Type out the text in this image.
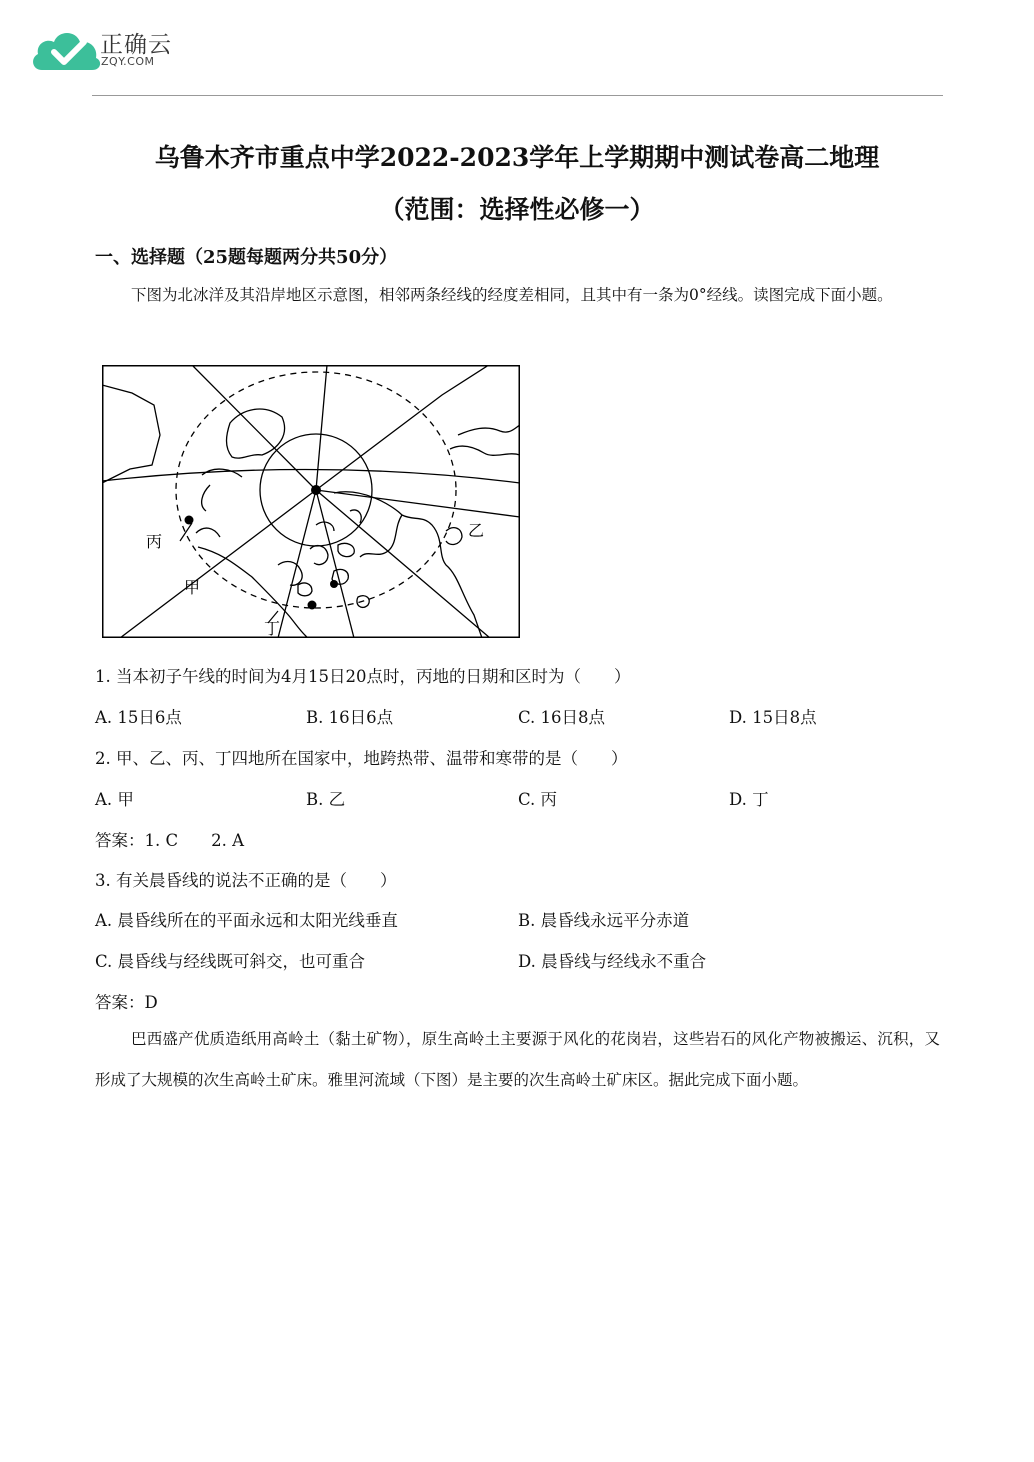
正确云
ZQY.COM
乌鲁木齐市重点中学2022-2023学年上学期期中测试卷高二地理
（范围：选择性必修一）
一、选择题（25题每题两分共50分）
下图为北冰洋及其沿岸地区示意图，相邻两条经线的经度差相同，且其中有一条为0°经线。读图完成下面小题。
丙
甲
乙
丁
1. 当本初子午线的时间为4月15日20点时，丙地的日期和区时为（　　）
A. 15日6点	B. 16日6点	C. 16日8点	D. 15日8点
2. 甲、乙、丙、丁四地所在国家中，地跨热带、温带和寒带的是（　　）
A. 甲	B. 乙	C. 丙	D. 丁
答案：1. C　　2. A
3. 有关晨昏线的说法不正确的是（　　）
A. 晨昏线所在的平面永远和太阳光线垂直	B. 晨昏线永远平分赤道
C. 晨昏线与经线既可斜交，也可重合	D. 晨昏线与经线永不重合
答案：D
巴西盛产优质造纸用高岭土（黏土矿物），原生高岭土主要源于风化的花岗岩，这些岩石的风化产物被搬运、沉积，又形成了大规模的次生高岭土矿床。雅里河流域（下图）是主要的次生高岭土矿床区。据此完成下面小题。
